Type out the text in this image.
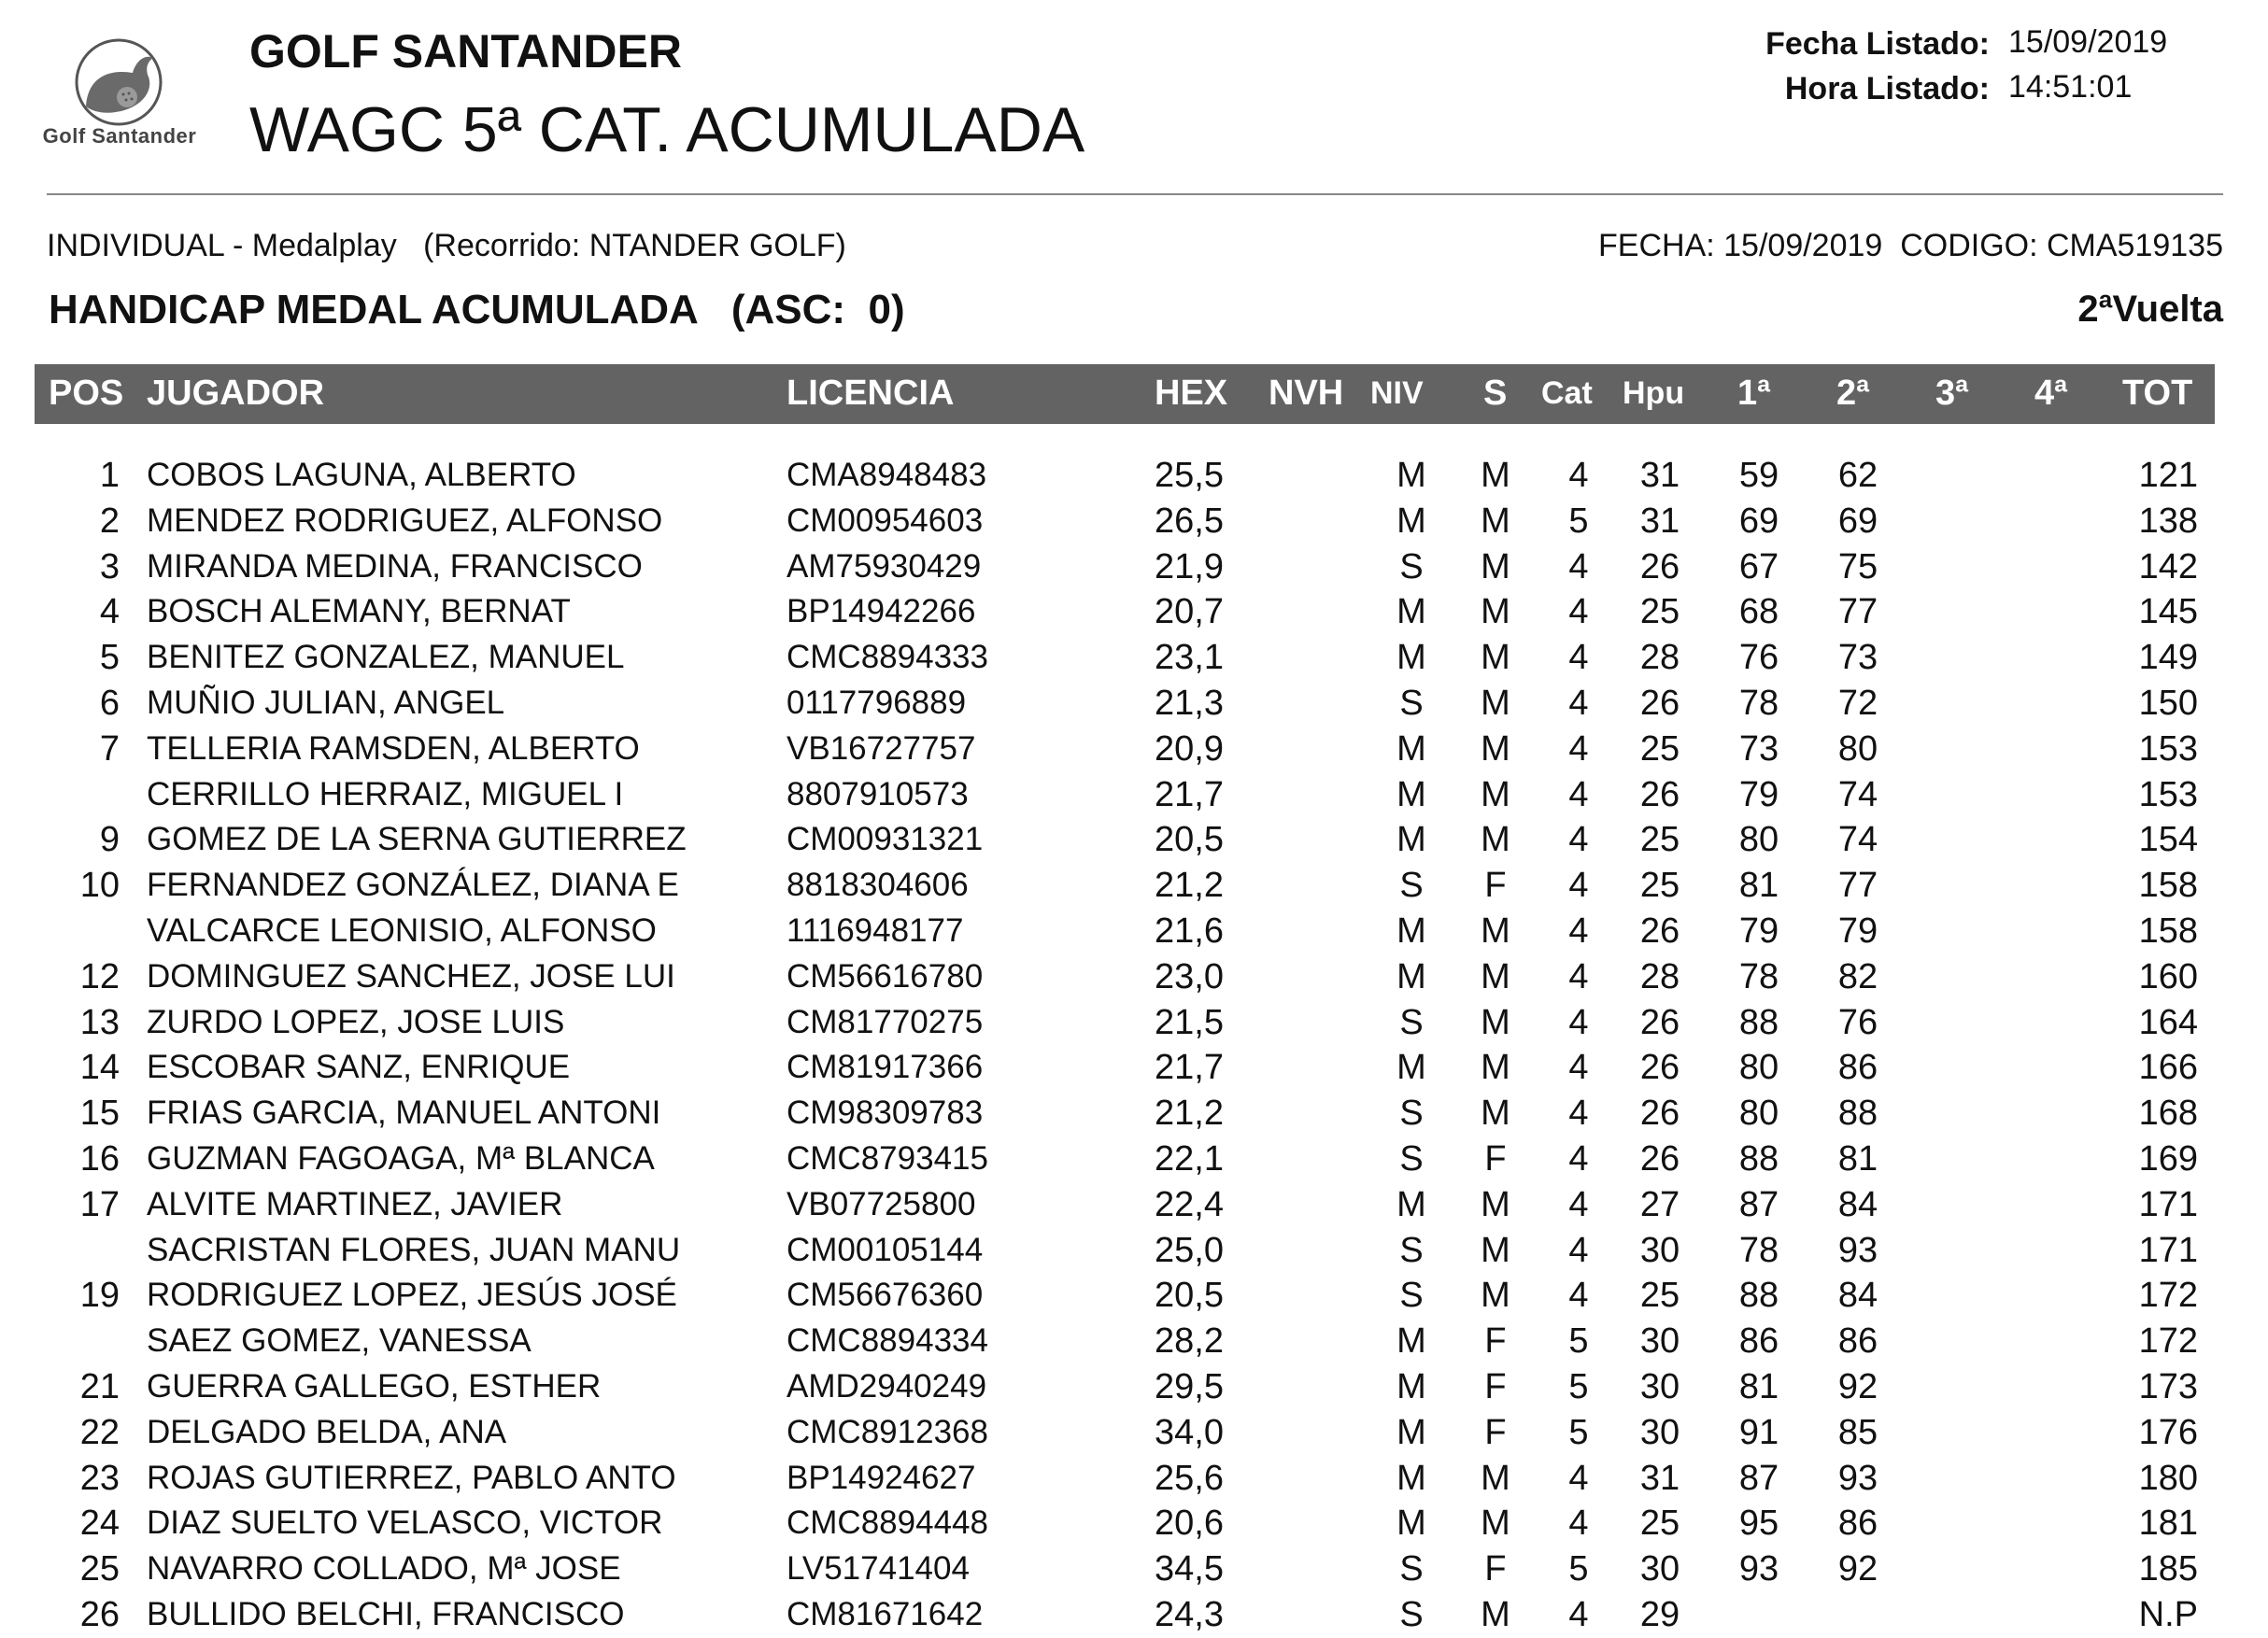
Golf Santander
GOLF SANTANDER
WAGC 5ª CAT. ACUMULADA
Fecha Listado: 15/09/2019
Hora Listado: 14:51:01
INDIVIDUAL - Medalplay   (Recorrido: NTANDER GOLF)	FECHA: 15/09/2019  CODIGO: CMA519135
HANDICAP MEDAL ACUMULADA   (ASC:  0)	2ªVuelta
POS JUGADOR	LICENCIA	HEX NVH NIV S Cat Hpu 1ª 2ª 3ª 4ª TOT
1 COBOS LAGUNA, ALBERTO	CMA8948483	25,5	M M 4 31 59 62	121
2 MENDEZ RODRIGUEZ, ALFONSO	CM00954603	26,5	M M 5 31 69 69	138
3 MIRANDA MEDINA, FRANCISCO	AM75930429	21,9	S M 4 26 67 75	142
4 BOSCH ALEMANY, BERNAT	BP14942266	20,7	M M 4 25 68 77	145
5 BENITEZ GONZALEZ, MANUEL	CMC8894333	23,1	M M 4 28 76 73	149
6 MUÑIO JULIAN, ANGEL	0117796889	21,3	S M 4 26 78 72	150
7 TELLERIA RAMSDEN, ALBERTO	VB16727757	20,9	M M 4 25 73 80	153
CERRILLO HERRAIZ, MIGUEL I	8807910573	21,7	M M 4 26 79 74	153
9 GOMEZ DE LA SERNA GUTIERREZ	CM00931321	20,5	M M 4 25 80 74	154
10 FERNANDEZ GONZÁLEZ, DIANA E	8818304606	21,2	S F 4 25 81 77	158
VALCARCE LEONISIO, ALFONSO	1116948177	21,6	M M 4 26 79 79	158
12 DOMINGUEZ SANCHEZ, JOSE LUI	CM56616780	23,0	M M 4 28 78 82	160
13 ZURDO LOPEZ, JOSE LUIS	CM81770275	21,5	S M 4 26 88 76	164
14 ESCOBAR SANZ, ENRIQUE	CM81917366	21,7	M M 4 26 80 86	166
15 FRIAS GARCIA, MANUEL ANTONI	CM98309783	21,2	S M 4 26 80 88	168
16 GUZMAN FAGOAGA, Mª BLANCA	CMC8793415	22,1	S F 4 26 88 81	169
17 ALVITE MARTINEZ, JAVIER	VB07725800	22,4	M M 4 27 87 84	171
SACRISTAN FLORES, JUAN MANU	CM00105144	25,0	S M 4 30 78 93	171
19 RODRIGUEZ LOPEZ, JESÚS JOSÉ	CM56676360	20,5	S M 4 25 88 84	172
SAEZ GOMEZ, VANESSA	CMC8894334	28,2	M F 5 30 86 86	172
21 GUERRA GALLEGO, ESTHER	AMD2940249	29,5	M F 5 30 81 92	173
22 DELGADO BELDA, ANA	CMC8912368	34,0	M F 5 30 91 85	176
23 ROJAS GUTIERREZ, PABLO ANTO	BP14924627	25,6	M M 4 31 87 93	180
24 DIAZ SUELTO VELASCO, VICTOR	CMC8894448	20,6	M M 4 25 95 86	181
25 NAVARRO COLLADO, Mª JOSE	LV51741404	34,5	S F 5 30 93 92	185
26 BULLIDO BELCHI, FRANCISCO	CM81671642	24,3	S M 4 29	N.P
